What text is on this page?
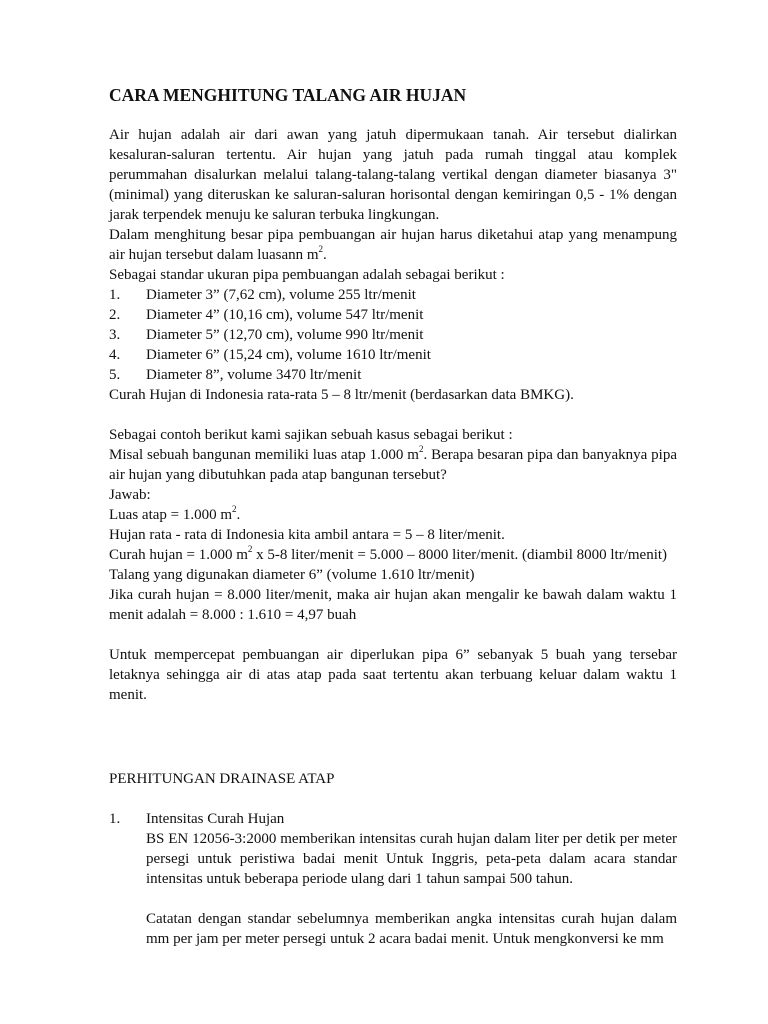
CARA MENGHITUNG TALANG AIR HUJAN

Air hujan adalah air dari awan yang jatuh dipermukaan tanah. Air tersebut dialirkan kesaluran-saluran tertentu. Air hujan yang jatuh pada rumah tinggal atau komplek perummahan disalurkan melalui talang-talang-talang vertikal dengan diameter biasanya 3" (minimal) yang diteruskan ke saluran-saluran horisontal dengan kemiringan 0,5 - 1% dengan jarak terpendek menuju ke saluran terbuka lingkungan.

Dalam menghitung besar pipa pembuangan air hujan harus diketahui atap yang menampung air hujan tersebut dalam luasann $m^2$.

Sebagai standar ukuran pipa pembuangan adalah sebagai berikut :

1.	Diameter 3” (7,62 cm), volume 255 ltr/menit
2.	Diameter 4” (10,16 cm), volume 547 ltr/menit
3.	Diameter 5” (12,70 cm), volume 990 ltr/menit
4.	Diameter 6” (15,24 cm), volume 1610 ltr/menit
5.	Diameter 8”, volume 3470 ltr/menit

Curah Hujan di Indonesia rata-rata 5 – 8 ltr/menit (berdasarkan data BMKG).

Sebagai contoh berikut kami sajikan sebuah kasus sebagai berikut :

Misal sebuah bangunan memiliki luas atap 1.000 $m^2$. Berapa besaran pipa dan banyaknya pipa air hujan yang dibutuhkan pada atap bangunan tersebut?

Jawab:

Luas atap = 1.000 $m^2$.

Hujan rata - rata di Indonesia kita ambil antara = 5 – 8 liter/menit.

Curah hujan = 1.000 $m^2$ x 5-8 liter/menit = 5.000 – 8000 liter/menit. (diambil 8000 ltr/menit)

Talang yang digunakan diameter 6” (volume 1.610 ltr/menit)

Jika curah hujan = 8.000 liter/menit, maka air hujan akan mengalir ke bawah dalam waktu 1 menit adalah = 8.000 : 1.610 = 4,97 buah

Untuk mempercepat pembuangan air diperlukan pipa 6” sebanyak 5 buah yang tersebar letaknya sehingga air di atas atap pada saat tertentu akan terbuang keluar dalam waktu 1 menit.

PERHITUNGAN DRAINASE ATAP

1.	Intensitas Curah Hujan

BS EN 12056-3:2000 memberikan intensitas curah hujan dalam liter per detik per meter persegi untuk peristiwa badai menit Untuk Inggris, peta-peta dalam acara standar intensitas untuk beberapa periode ulang dari 1 tahun sampai 500 tahun.

Catatan dengan standar sebelumnya memberikan angka intensitas curah hujan dalam mm per jam per meter persegi untuk 2 acara badai menit. Untuk mengkonversi ke mm
